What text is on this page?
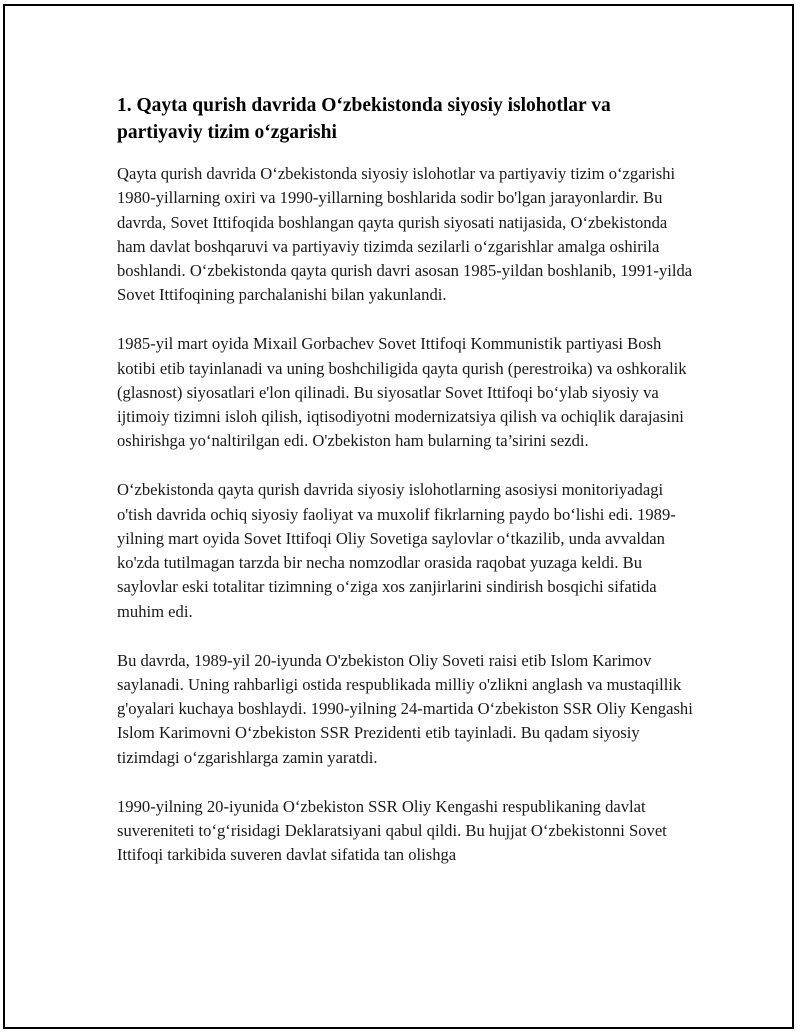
1. Qayta qurish davrida O‘zbekistonda siyosiy islohotlar va partiyaviy tizim o‘zgarishi

Qayta qurish davrida O‘zbekistonda siyosiy islohotlar va partiyaviy tizim o‘zgarishi 1980-yillarning oxiri va 1990-yillarning boshlarida sodir bo'lgan jarayonlardir. Bu davrda, Sovet Ittifoqida boshlangan qayta qurish siyosati natijasida, O‘zbekistonda ham davlat boshqaruvi va partiyaviy tizimda sezilarli o‘zgarishlar amalga oshirila boshlandi. O‘zbekistonda qayta qurish davri asosan 1985-yildan boshlanib, 1991-yilda Sovet Ittifoqining parchalanishi bilan yakunlandi.

1985-yil mart oyida Mixail Gorbachev Sovet Ittifoqi Kommunistik partiyasi Bosh kotibi etib tayinlanadi va uning boshchiligida qayta qurish (perestroika) va oshkoralik (glasnost) siyosatlari e'lon qilinadi. Bu siyosatlar Sovet Ittifoqi bo‘ylab siyosiy va ijtimoiy tizimni isloh qilish, iqtisodiyotni modernizatsiya qilish va ochiqlik darajasini oshirishga yo‘naltirilgan edi. O'zbekiston ham bularning ta’sirini sezdi.

O‘zbekistonda qayta qurish davrida siyosiy islohotlarning asosiysi monitoriyadagi o'tish davrida ochiq siyosiy faoliyat va muxolif fikrlarning paydo bo‘lishi edi. 1989-yilning mart oyida Sovet Ittifoqi Oliy Sovetiga saylovlar o‘tkazilib, unda avvaldan ko'zda tutilmagan tarzda bir necha nomzodlar orasida raqobat yuzaga keldi. Bu saylovlar eski totalitar tizimning o‘ziga xos zanjirlarini sindirish bosqichi sifatida muhim edi.

Bu davrda, 1989-yil 20-iyunda O'zbekiston Oliy Soveti raisi etib Islom Karimov saylanadi. Uning rahbarligi ostida respublikada milliy o'zlikni anglash va mustaqillik g'oyalari kuchaya boshlaydi. 1990-yilning 24-martida O‘zbekiston SSR Oliy Kengashi Islom Karimovni O‘zbekiston SSR Prezidenti etib tayinladi. Bu qadam siyosiy tizimdagi o‘zgarishlarga zamin yaratdi.

1990-yilning 20-iyunida O‘zbekiston SSR Oliy Kengashi respublikaning davlat suvereniteti to‘g‘risidagi Deklaratsiyani qabul qildi. Bu hujjat O‘zbekistonni Sovet Ittifoqi tarkibida suveren davlat sifatida tan olishga
